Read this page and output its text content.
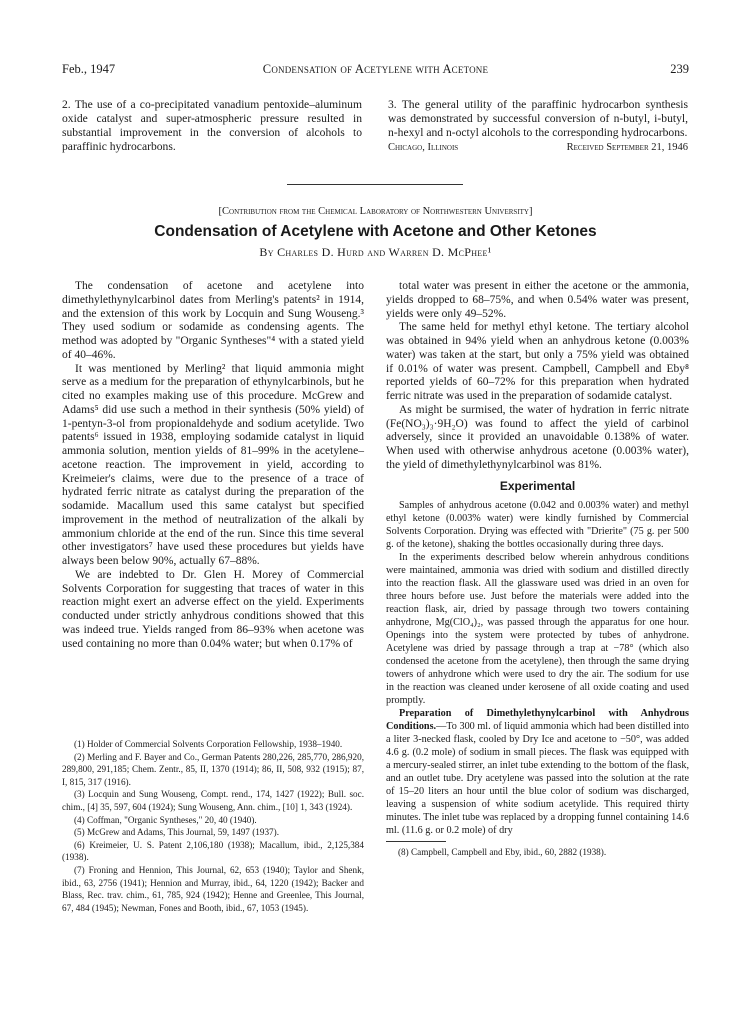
Feb., 1947	Condensation of Acetylene with Acetone	239
2. The use of a co-precipitated vanadium pentoxide–aluminum oxide catalyst and super-atmospheric pressure resulted in substantial improvement in the conversion of alcohols to paraffinic hydrocarbons.
3. The general utility of the paraffinic hydrocarbon synthesis was demonstrated by successful conversion of n-butyl, i-butyl, n-hexyl and n-octyl alcohols to the corresponding hydrocarbons.
Chicago, Illinois	Received September 21, 1946
[Contribution from the Chemical Laboratory of Northwestern University]
Condensation of Acetylene with Acetone and Other Ketones
By Charles D. Hurd and Warren D. McPhee¹

The condensation of acetone and acetylene into dimethylethynylcarbinol dates from Merling's patents² in 1914, and the extension of this work by Locquin and Sung Wouseng.³ They used sodium or sodamide as condensing agents. The method was adopted by "Organic Syntheses"⁴ with a stated yield of 40–46%.

It was mentioned by Merling² that liquid ammonia might serve as a medium for the preparation of ethynylcarbinols, but he cited no examples making use of this procedure. McGrew and Adams⁵ did use such a method in their synthesis (50% yield) of 1-pentyn-3-ol from propionaldehyde and sodium acetylide. Two patents⁶ issued in 1938, employing sodamide catalyst in liquid ammonia solution, mention yields of 81–99% in the acetylene–acetone reaction. The improvement in yield, according to Kreimeier's claims, were due to the presence of a trace of hydrated ferric nitrate as catalyst during the preparation of the sodamide. Macallum used this same catalyst but specified improvement in the method of neutralization of the alkali by ammonium chloride at the end of the run. Since this time several other investigators⁷ have used these procedures but yields have always been below 90%, actually 67–88%.

We are indebted to Dr. Glen H. Morey of Commercial Solvents Corporation for suggesting that traces of water in this reaction might exert an adverse effect on the yield. Experiments conducted under strictly anhydrous conditions showed that this was indeed true. Yields ranged from 86–93% when acetone was used containing no more than 0.04% water; but when 0.17% of

(1) Holder of Commercial Solvents Corporation Fellowship, 1938–1940.
(2) Merling and F. Bayer and Co., German Patents 280,226, 285,770, 286,920, 289,800, 291,185; Chem. Zentr., 85, II, 1370 (1914); 86, II, 508, 932 (1915); 87, I, 815, 317 (1916).
(3) Locquin and Sung Wouseng, Compt. rend., 174, 1427 (1922); Bull. soc. chim., [4] 35, 597, 604 (1924); Sung Wouseng, Ann. chim., [10] 1, 343 (1924).
(4) Coffman, "Organic Syntheses," 20, 40 (1940).
(5) McGrew and Adams, This Journal, 59, 1497 (1937).
(6) Kreimeier, U. S. Patent 2,106,180 (1938); Macallum, ibid., 2,125,384 (1938).
(7) Froning and Hennion, This Journal, 62, 653 (1940); Taylor and Shenk, ibid., 63, 2756 (1941); Hennion and Murray, ibid., 64, 1220 (1942); Backer and Blass, Rec. trav. chim., 61, 785, 924 (1942); Henne and Greenlee, This Journal, 67, 484 (1945); Newman, Fones and Booth, ibid., 67, 1053 (1945).

total water was present in either the acetone or the ammonia, yields dropped to 68–75%, and when 0.54% water was present, yields were only 49–52%.

The same held for methyl ethyl ketone. The tertiary alcohol was obtained in 94% yield when an anhydrous ketone (0.003% water) was taken at the start, but only a 75% yield was obtained if 0.01% of water was present. Campbell, Campbell and Eby⁸ reported yields of 60–72% for this preparation when hydrated ferric nitrate was used in the preparation of sodamide catalyst.

As might be surmised, the water of hydration in ferric nitrate (Fe(NO₃)₃·9H₂O) was found to affect the yield of carbinol adversely, since it provided an unavoidable 0.138% of water. When used with otherwise anhydrous acetone (0.003% water), the yield of dimethylethynylcarbinol was 81%.

Experimental

Samples of anhydrous acetone (0.042 and 0.003% water) and methyl ethyl ketone (0.003% water) were kindly furnished by Commercial Solvents Corporation. Drying was effected with "Drierite" (75 g. per 500 g. of the ketone), shaking the bottles occasionally during three days.

In the experiments described below wherein anhydrous conditions were maintained, ammonia was dried with sodium and distilled directly into the reaction flask. All the glassware used was dried in an oven for three hours before use. Just before the materials were added into the reaction flask, air, dried by passage through two towers containing anhydrone, Mg(ClO₄)₂, was passed through the apparatus for one hour. Openings into the system were protected by tubes of anhydrone. Acetylene was dried by passage through a trap at −78° (which also condensed the acetone from the acetylene), then through the same drying towers of anhydrone which were used to dry the air. The sodium for use in the reaction was cleaned under kerosene of all oxide coating and used promptly.

Preparation of Dimethylethynylcarbinol with Anhydrous Conditions.—To 300 ml. of liquid ammonia which had been distilled into a liter 3-necked flask, cooled by Dry Ice and acetone to −50°, was added 4.6 g. (0.2 mole) of sodium in small pieces. The flask was equipped with a mercury-sealed stirrer, an inlet tube extending to the bottom of the flask, and an outlet tube. Dry acetylene was passed into the solution at the rate of 15–20 liters an hour until the blue color of sodium was discharged, leaving a suspension of white sodium acetylide. This required thirty minutes. The inlet tube was replaced by a dropping funnel containing 14.6 ml. (11.6 g. or 0.2 mole) of dry

(8) Campbell, Campbell and Eby, ibid., 60, 2882 (1938).
